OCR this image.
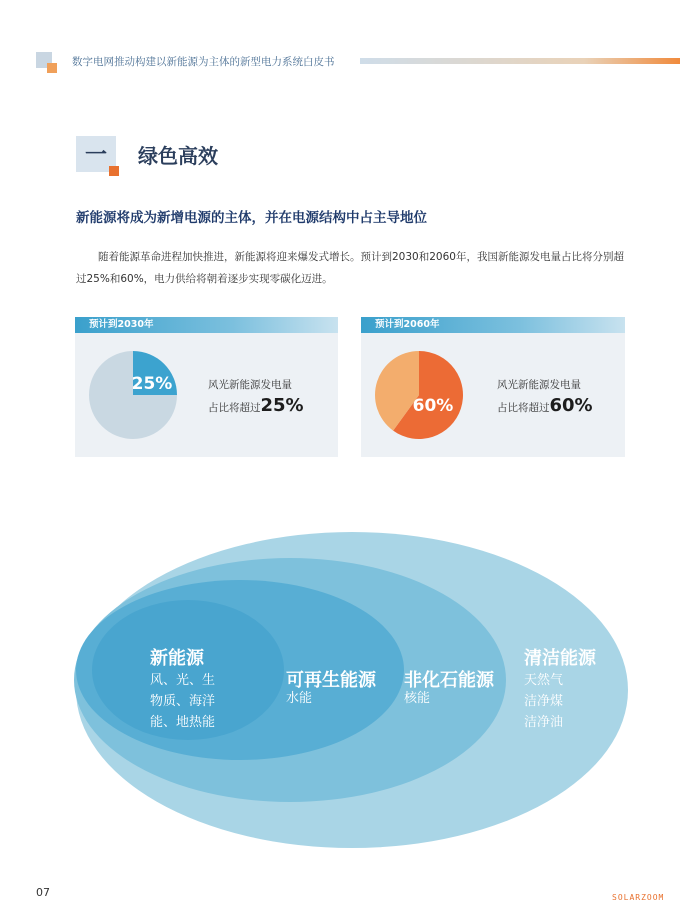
数字电网推动构建以新能源为主体的新型电力系统白皮书
一	绿色高效
新能源将成为新增电源的主体，并在电源结构中占主导地位
随着能源革命进程加快推进，新能源将迎来爆发式增长。预计到2030和2060年，我国新能源发电量占比将分别超过25%和60%，电力供给将朝着逐步实现零碳化迈进。
预计到2030年
25%	风光新能源发电量
占比将超过25%
预计到2060年
60%
风光新能源发电量
占比将超过60%
新能源
风、光、生
物质、海洋
能、地热能
可再生能源
水能
非化石能源
核能
清洁能源
天然气
洁净煤
洁净油
07	SOLARZOOM
